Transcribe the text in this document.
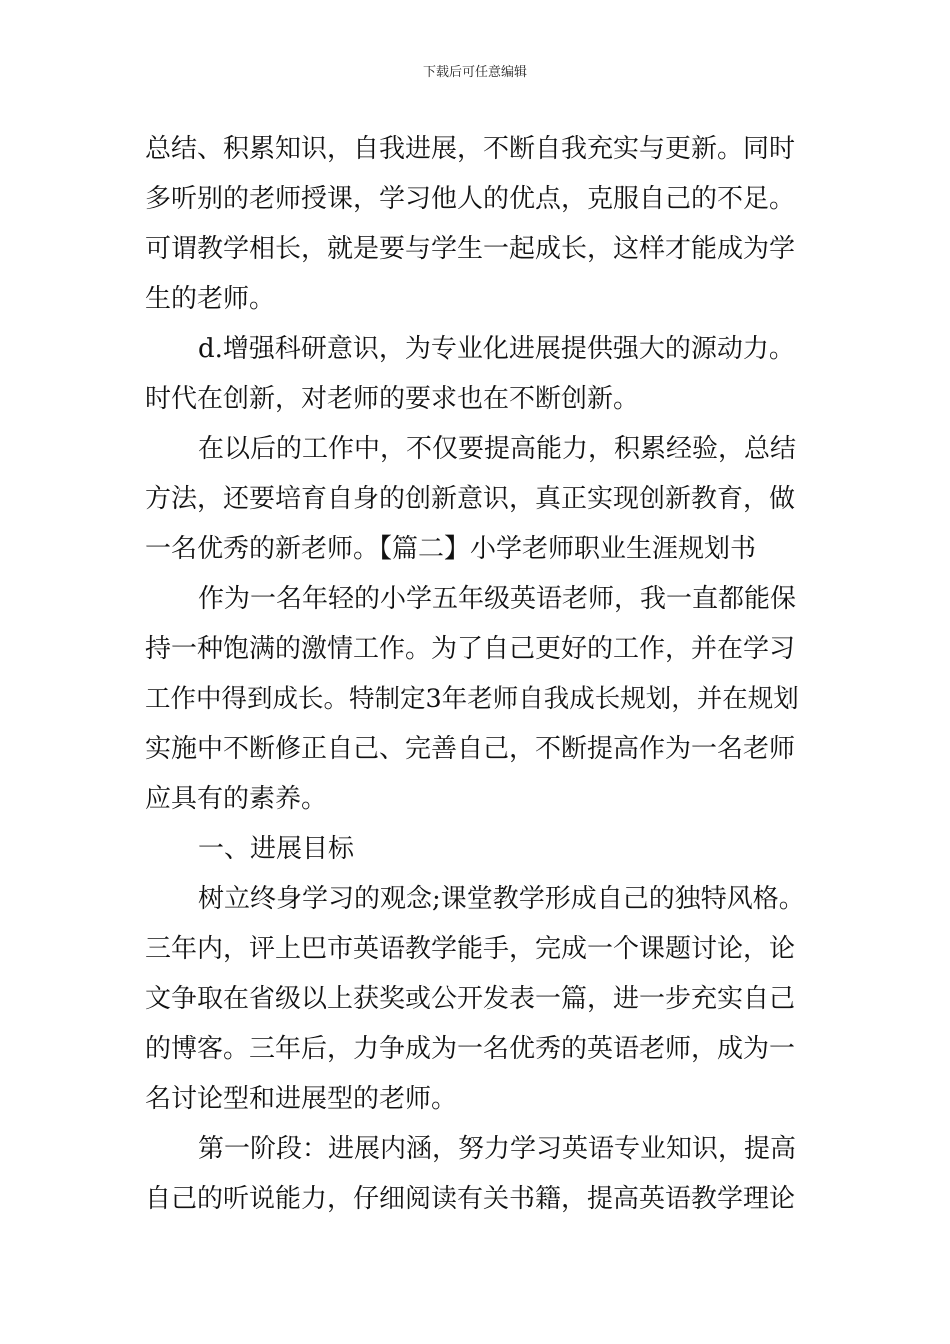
下载后可任意编辑
总结、积累知识，自我进展，不断自我充实与更新。同时
多听别的老师授课，学习他人的优点，克服自己的不足。
可谓教学相长，就是要与学生一起成长，这样才能成为学
生的老师。
d.增强科研意识，为专业化进展提供强大的源动力。
时代在创新，对老师的要求也在不断创新。
在以后的工作中，不仅要提高能力，积累经验，总结
方法，还要培育自身的创新意识，真正实现创新教育，做
一名优秀的新老师。【篇二】小学老师职业生涯规划书
作为一名年轻的小学五年级英语老师，我一直都能保
持一种饱满的激情工作。为了自己更好的工作，并在学习
工作中得到成长。特制定3年老师自我成长规划，并在规划
实施中不断修正自己、完善自己，不断提高作为一名老师
应具有的素养。
一、进展目标
树立终身学习的观念;课堂教学形成自己的独特风格。
三年内，评上巴市英语教学能手，完成一个课题讨论，论
文争取在省级以上获奖或公开发表一篇，进一步充实自己
的博客。三年后，力争成为一名优秀的英语老师，成为一
名讨论型和进展型的老师。
第一阶段：进展内涵，努力学习英语专业知识，提高
自己的听说能力，仔细阅读有关书籍，提高英语教学理论
